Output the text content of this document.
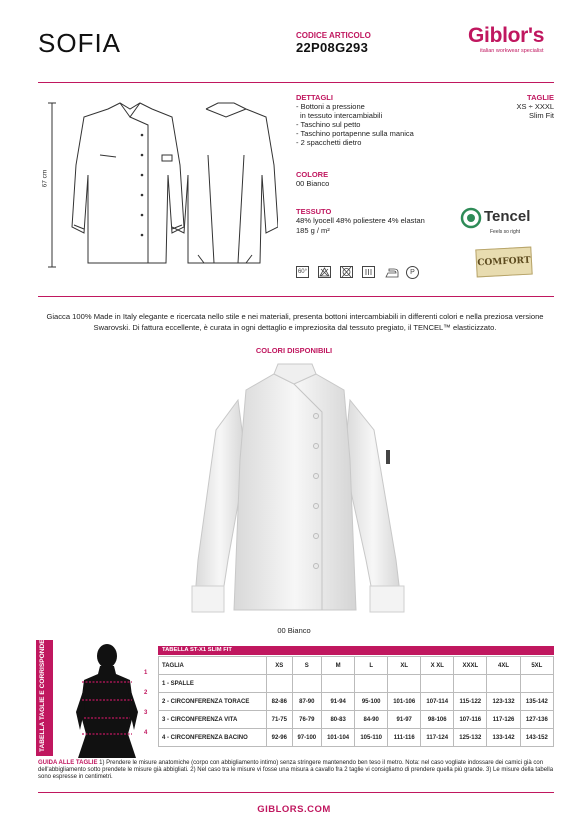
SOFIA	CODICE ARTICOLO
22P08G293
Giblor's
italian workwear specialist
67 cm
DETTAGLI
- Bottoni a pressione
in tessuto intercambiabili
- Taschino sul petto
- Taschino portapenne sulla manica
- 2 spacchetti dietro
TAGLIE
XS ÷ XXXL
Slim Fit
COLORE
00 Bianco
TESSUTO
48% lyocell 48% poliestere 4% elastan
185 g / m²
Tencel
Feels so right
COMFORT
60°	P
Giacca 100% Made in Italy elegante e ricercata nello stile e nei materiali, presenta bottoni intercambiabili in differenti colori e nella preziosa versione Swarovski. Di fattura eccellente, è curata in ogni dettaglio e impreziosita dal tessuto pregiato, il TENCEL™ elasticizzato.
COLORI DISPONIBILI
00 Bianco
TABELLA TAGLIE E CORRISPONDENZE	1
2
3
4
TABELLA ST-X1 SLIM FIT
TAGLIA	XS	S	M	L	XL	X XL	XXXL	4XL	5XL
1 - SPALLE									
2 - CIRCONFERENZA TORACE	82-86	87-90	91-94	95-100	101-106	107-114	115-122	123-132	135-142
3 - CIRCONFERENZA VITA	71-75	76-79	80-83	84-90	91-97	98-106	107-116	117-126	127-136
4 - CIRCONFERENZA BACINO	92-96	97-100	101-104	105-110	111-116	117-124	125-132	133-142	143-152
GUIDA ALLE TAGLIE 1) Prendere le misure anatomiche (corpo con abbigliamento intimo) senza stringere mantenendo ben teso il metro. Nota: nel caso vogliate indossare dei camici già con dell'abbigliamento sotto prendete le misure già abbigliati. 2) Nel caso tra le misure vi fosse una misura a cavallo fra 2 taglie vi consigliamo di prendere quella più grande. 3) Le misure della tabella sono espresse in centimetri.
GIBLORS.COM
